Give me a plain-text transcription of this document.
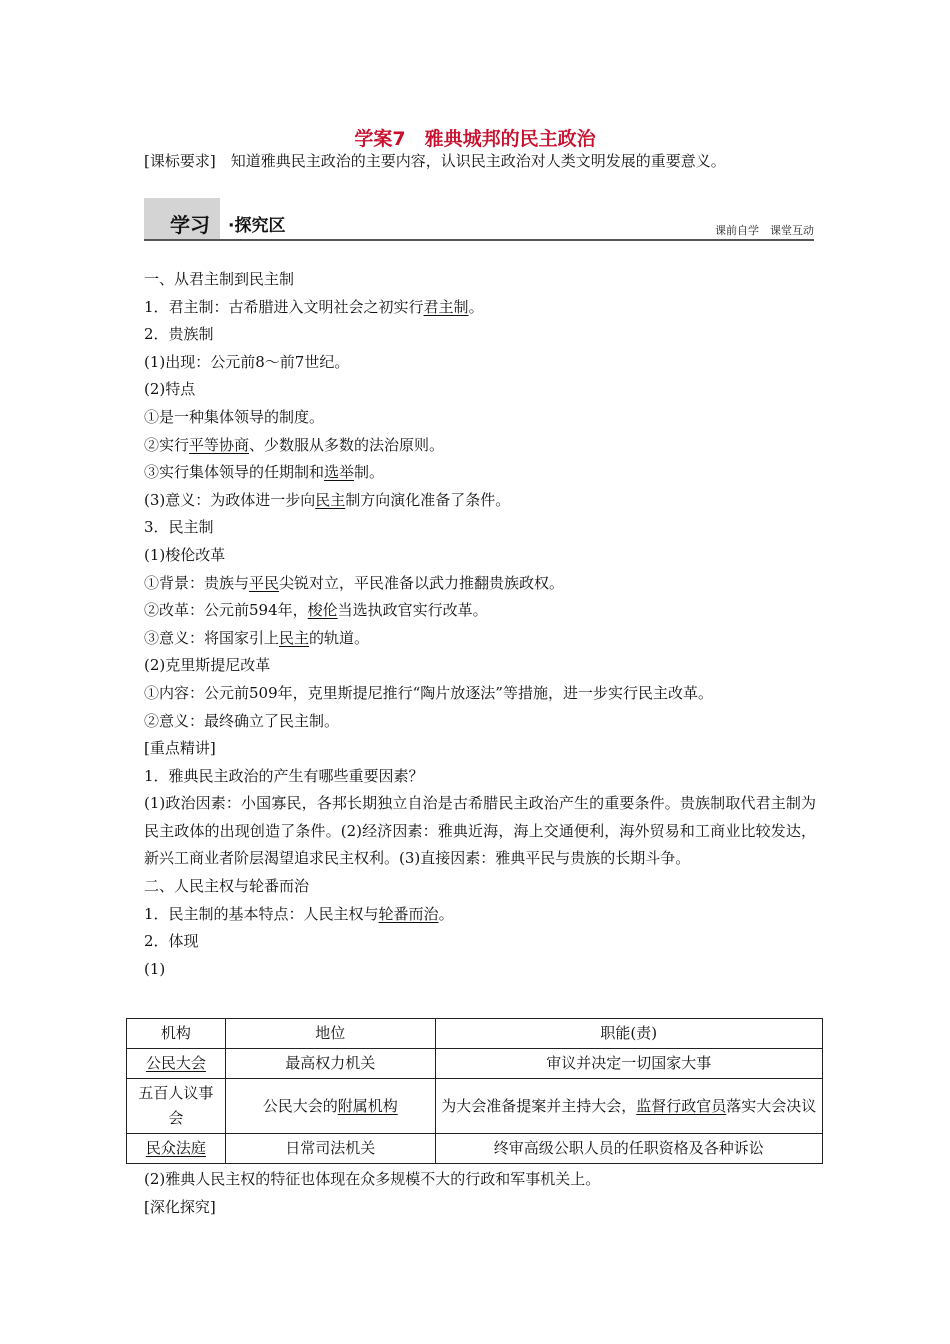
学案7　雅典城邦的民主政治
[课标要求]　知道雅典民主政治的主要内容，认识民主政治对人类文明发展的重要意义。
学习 ·探究区	课前自学　课堂互动

一、从君主制到民主制

1．君主制：古希腊进入文明社会之初实行君主制。

2．贵族制

(1)出现：公元前8～前7世纪。

(2)特点

①是一种集体领导的制度。

②实行平等协商、少数服从多数的法治原则。

③实行集体领导的任期制和选举制。

(3)意义：为政体进一步向民主制方向演化准备了条件。

3．民主制

(1)梭伦改革

①背景：贵族与平民尖锐对立，平民准备以武力推翻贵族政权。

②改革：公元前594年，梭伦当选执政官实行改革。

③意义：将国家引上民主的轨道。

(2)克里斯提尼改革

①内容：公元前509年，克里斯提尼推行“陶片放逐法”等措施，进一步实行民主改革。

②意义：最终确立了民主制。

[重点精讲]

1．雅典民主政治的产生有哪些重要因素？

(1)政治因素：小国寡民，各邦长期独立自治是古希腊民主政治产生的重要条件。贵族制取代君主制为民主政体的出现创造了条件。(2)经济因素：雅典近海，海上交通便利，海外贸易和工商业比较发达，新兴工商业者阶层渴望追求民主权利。(3)直接因素：雅典平民与贵族的长期斗争。

二、人民主权与轮番而治

1．民主制的基本特点：人民主权与轮番而治。

2．体现

(1)

机构	地位	职能(责)
公民大会	最高权力机关	审议并决定一切国家大事
五百人议事会	公民大会的附属机构	为大会准备提案并主持大会，监督行政官员落实大会决议
民众法庭	日常司法机关	终审高级公职人员的任职资格及各种诉讼

(2)雅典人民主权的特征也体现在众多规模不大的行政和军事机关上。

[深化探究]
